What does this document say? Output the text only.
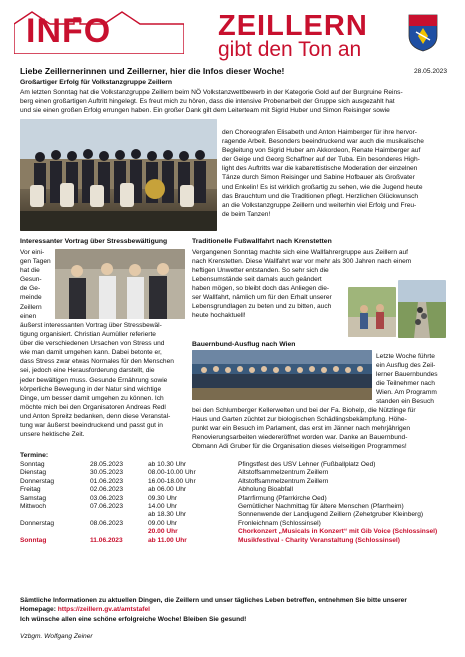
INFO	ZEILLERN
gibt den Ton an
Liebe Zeillernerinnen und Zeillerner, hier die Infos dieser Woche!	28.05.2023
Großartiger Erfolg für Volkstanzgruppe Zeillern
Am letzten Sonntag hat die Volkstanzgruppe Zeillern beim NÖ Volkstanzwettbewerb in der Kategorie Gold auf der Burgruine Reins-
berg einen großartigen Auftritt hingelegt. Es freut mich zu hören, dass die intensive Probenarbeit der Gruppe sich ausgezahlt hat
und sie einen großen Erfolg errungen haben. Ein großer Dank gilt dem Leiterteam mit Sigrid Huber und Simon Reisinger sowie
den Choreografen Elisabeth und Anton Haimberger für ihre hervor-
ragende Arbeit. Besonders beeindruckend war auch die musikalische
Begleitung von Sigrid Huber am Akkordeon, Renate Haimberger auf
der Geige und Georg Schaffner auf der Tuba. Ein besonderes High-
light des Auftritts war die kabarettistische Moderation der einzelnen
Tänze durch Simon Reisinger und Sabine Hofbauer als Großvater
und Enkelin! Es ist wirklich großartig zu sehen, wie die Jugend heute
das Brauchtum und die Traditionen pflegt. Herzlichen Glückwunsch
an die Volkstanzgruppe Zeillern und weiterhin viel Erfolg und Freu-
de beim Tanzen!
Interessanter Vortrag über Stressbewältigung
Vor eini-
gen Tagen
hat die
Gesun-
de Ge-
meinde
Zeillern
einen
äußerst interessanten Vortrag über Stressbewäl-
tigung organisiert. Christian Aumüller referierte
über die verschiedenen Ursachen von Stress und
wie man damit umgehen kann. Dabei betonte er,
dass Stress zwar etwas Normales für den Menschen
sei, jedoch eine Herausforderung darstellt, die
jeder bewältigen muss. Gesunde Ernährung sowie
körperliche Bewegung in der Natur sind wichtige
Dinge, um besser damit umgehen zu können. Ich
möchte mich bei den Organisatoren Andreas Redl
und Anton Spreitz bedanken, denn diese Veranstal-
tung war äußerst beeindruckend und passt gut in
unsere hektische Zeit.
Traditionelle Fußwallfahrt nach Krenstetten
Vergangenen Sonntag machte sich eine Wallfahrergruppe aus Zeillern auf
nach Krenstetten. Diese Wallfahrt war vor mehr als 300 Jahren nach einem
heftigen Unwetter entstanden. So sehr sich die
Lebensumstände seit damals auch geändert
haben mögen, so bleibt doch das Anliegen die-
ser Wallfahrt, nämlich um für den Erhalt unserer
Lebensgrundlagen zu beten und zu bitten, auch
heute hochaktuell!
Bauernbund-Ausflug nach Wien
Letzte Woche führte
ein Ausflug des Zeil-
lerner Bauernbundes
die Teilnehmer nach
Wien. Am Programm
standen ein Besuch
bei den Schlumberger Kellerwelten und bei der Fa. Biohelp, die Nützlinge für
Haus und Garten züchtet zur biologischen Schädlingsbekämpfung. Höhe-
punkt war ein Besuch im Parlament, das erst im Jänner nach mehrjährigen
Renovierungsarbeiten wiedereröffnet worden war. Danke an Bauernbund-
Obmann Adi Gruber für die Organisation dieses vielseitigen Programmes!
Termine:
Sonntag	28.05.2023	ab 10.30 Uhr	Pfingstfest des USV Lehner (Fußballplatz Oed)
Dienstag	30.05.2023	08.00-10.00 Uhr	Altstoffsammelzentrum Zeillern
Donnerstag	01.06.2023	16.00-18.00 Uhr	Altstoffsammelzentrum Zeillern
Freitag	02.06.2023	ab 06.00 Uhr	Abholung Bioabfall
Samstag	03.06.2023	09.30 Uhr	Pfarrfirmung (Pfarrkirche Oed)
Mittwoch	07.06.2023	14.00 Uhr	Gemütlicher Nachmittag für ältere Menschen (Pfarrheim)
		ab 18.30 Uhr	Sonnenwende der Landjugend Zeillern (Zehetgruber Kleinberg)
Donnerstag	08.06.2023	09.00 Uhr	Fronleichnam (Schlossinsel)
		20.00 Uhr	Chorkonzert „Musicals in Konzert“ mit Gib Voice (Schlossinsel)
Sonntag	11.06.2023	ab 11.00 Uhr	Musikfestival - Charity Veranstaltung (Schlossinsel)
Sämtliche Informationen zu aktuellen Dingen, die Zeillern und unser tägliches Leben betreffen, entnehmen Sie bitte unserer
Homepage: https://zeillern.gv.at/amtstafel
Ich wünsche allen eine schöne erfolgreiche Woche! Bleiben Sie gesund!
Vzbgm. Wolfgang Zeiner
